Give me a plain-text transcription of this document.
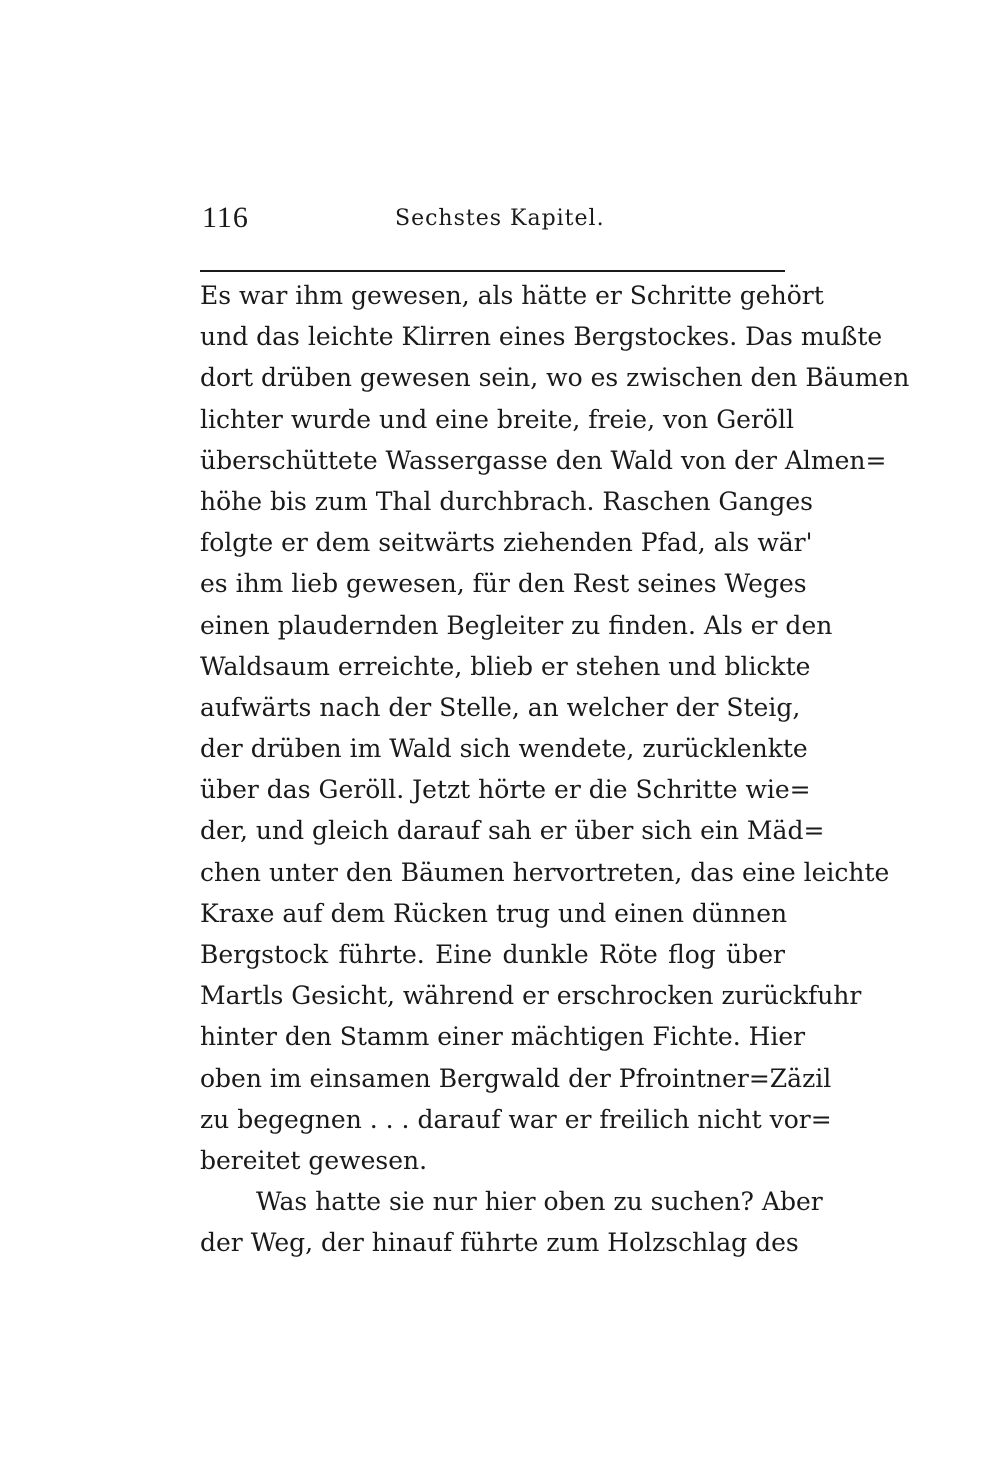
116	Sechstes Kapitel.
Es war ihm gewesen, als hätte er Schritte gehört
und das leichte Klirren eines Bergstockes. Das mußte
dort drüben gewesen sein, wo es zwischen den Bäumen
lichter wurde und eine breite, freie, von Geröll
überschüttete Wassergasse den Wald von der Almen=
höhe bis zum Thal durchbrach. Raschen Ganges
folgte er dem seitwärts ziehenden Pfad, als wär'
es ihm lieb gewesen, für den Rest seines Weges
einen plaudernden Begleiter zu finden. Als er den
Waldsaum erreichte, blieb er stehen und blickte
aufwärts nach der Stelle, an welcher der Steig,
der drüben im Wald sich wendete, zurücklenkte
über das Geröll. Jetzt hörte er die Schritte wie=
der, und gleich darauf sah er über sich ein Mäd=
chen unter den Bäumen hervortreten, das eine leichte
Kraxe auf dem Rücken trug und einen dünnen
Bergstock führte. Eine dunkle Röte flog über
Martls Gesicht, während er erschrocken zurückfuhr
hinter den Stamm einer mächtigen Fichte. Hier
oben im einsamen Bergwald der Pfrointner=Zäzil
zu begegnen . . . darauf war er freilich nicht vor=
bereitet gewesen.
Was hatte sie nur hier oben zu suchen? Aber
der Weg, der hinauf führte zum Holzschlag des
